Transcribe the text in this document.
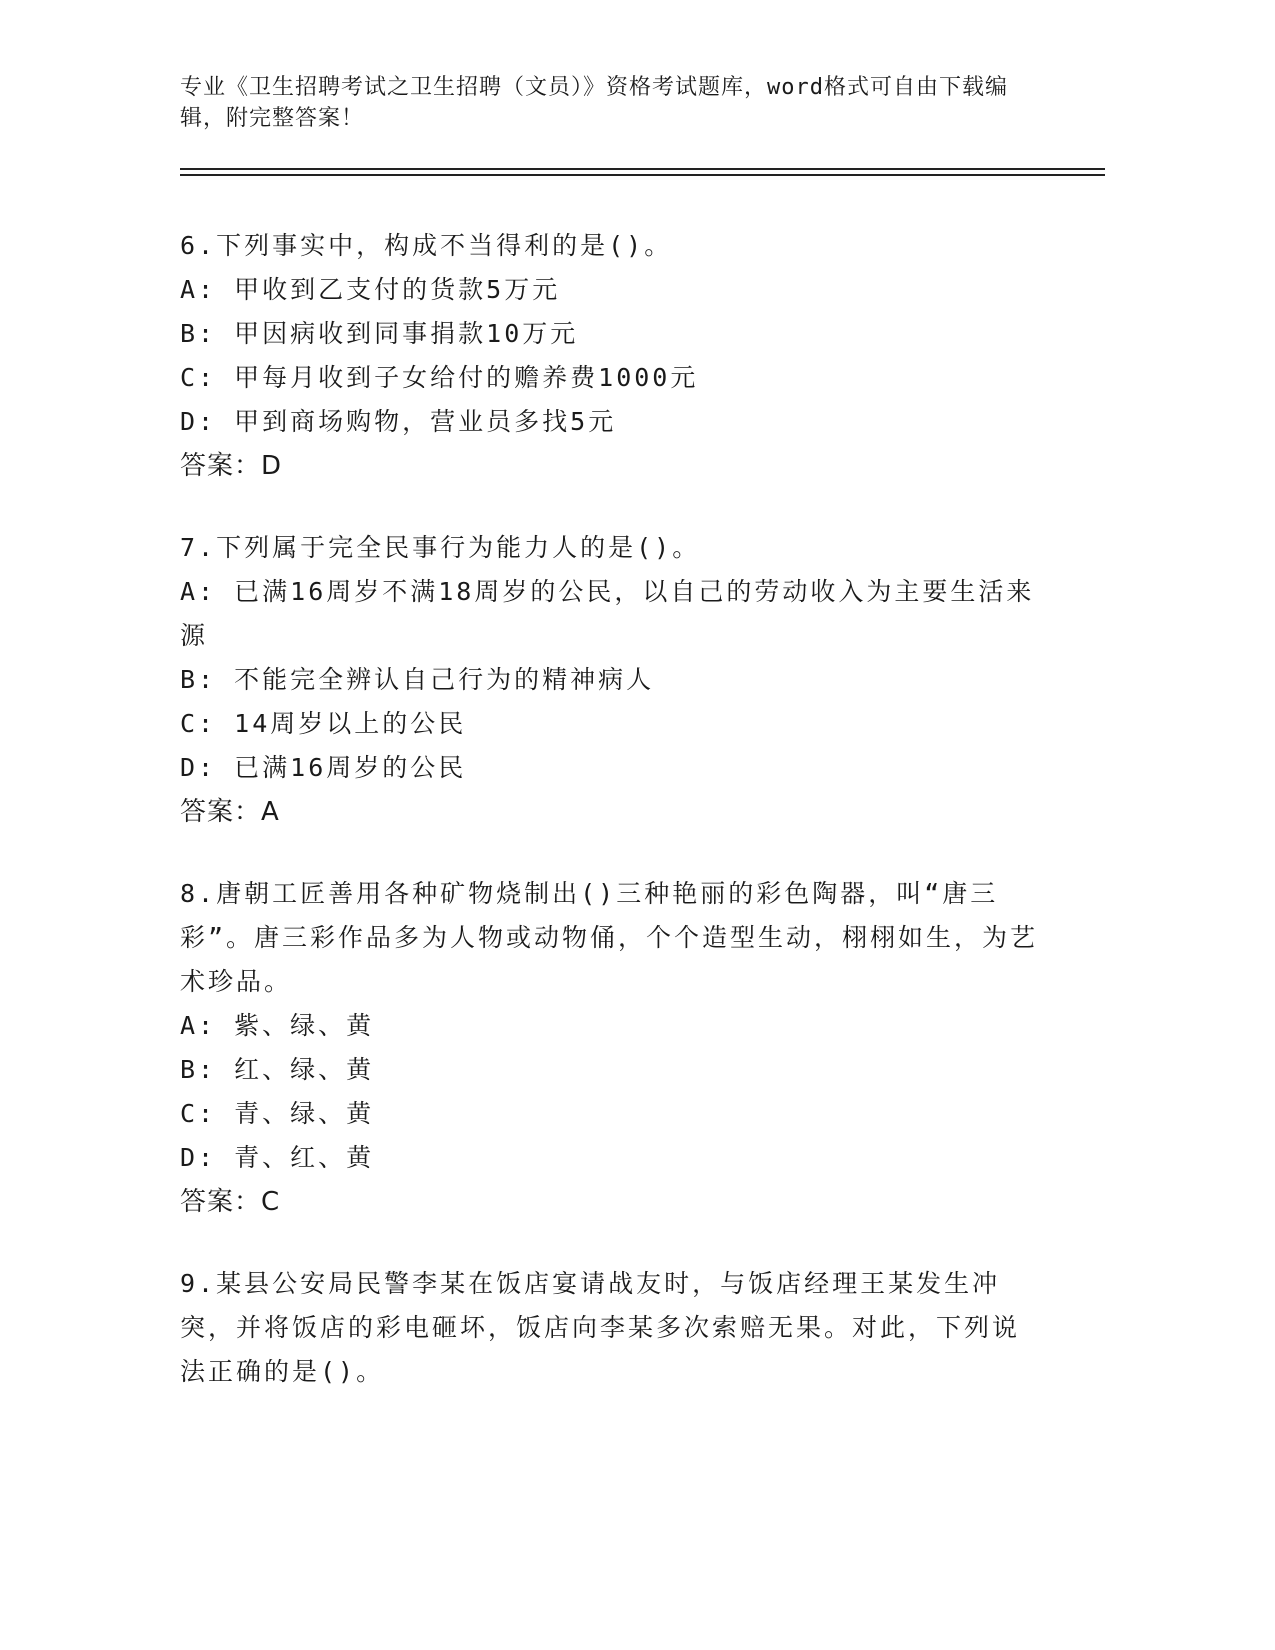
专业《卫生招聘考试之卫生招聘（文员）》资格考试题库，word格式可自由下载编辑，附完整答案！
6.下列事实中，构成不当得利的是()。
A: 甲收到乙支付的货款5万元
B: 甲因病收到同事捐款10万元
C: 甲每月收到子女给付的赡养费1000元
D: 甲到商场购物，营业员多找5元
答案：D
7.下列属于完全民事行为能力人的是()。
A: 已满16周岁不满18周岁的公民，以自己的劳动收入为主要生活来源
B: 不能完全辨认自己行为的精神病人
C: 14周岁以上的公民
D: 已满16周岁的公民
答案：A
8.唐朝工匠善用各种矿物烧制出()三种艳丽的彩色陶器，叫“唐三彩”。唐三彩作品多为人物或动物俑，个个造型生动，栩栩如生，为艺术珍品。
A: 紫、绿、黄
B: 红、绿、黄
C: 青、绿、黄
D: 青、红、黄
答案：C
9.某县公安局民警李某在饭店宴请战友时，与饭店经理王某发生冲突，并将饭店的彩电砸坏，饭店向李某多次索赔无果。对此，下列说法正确的是()。
